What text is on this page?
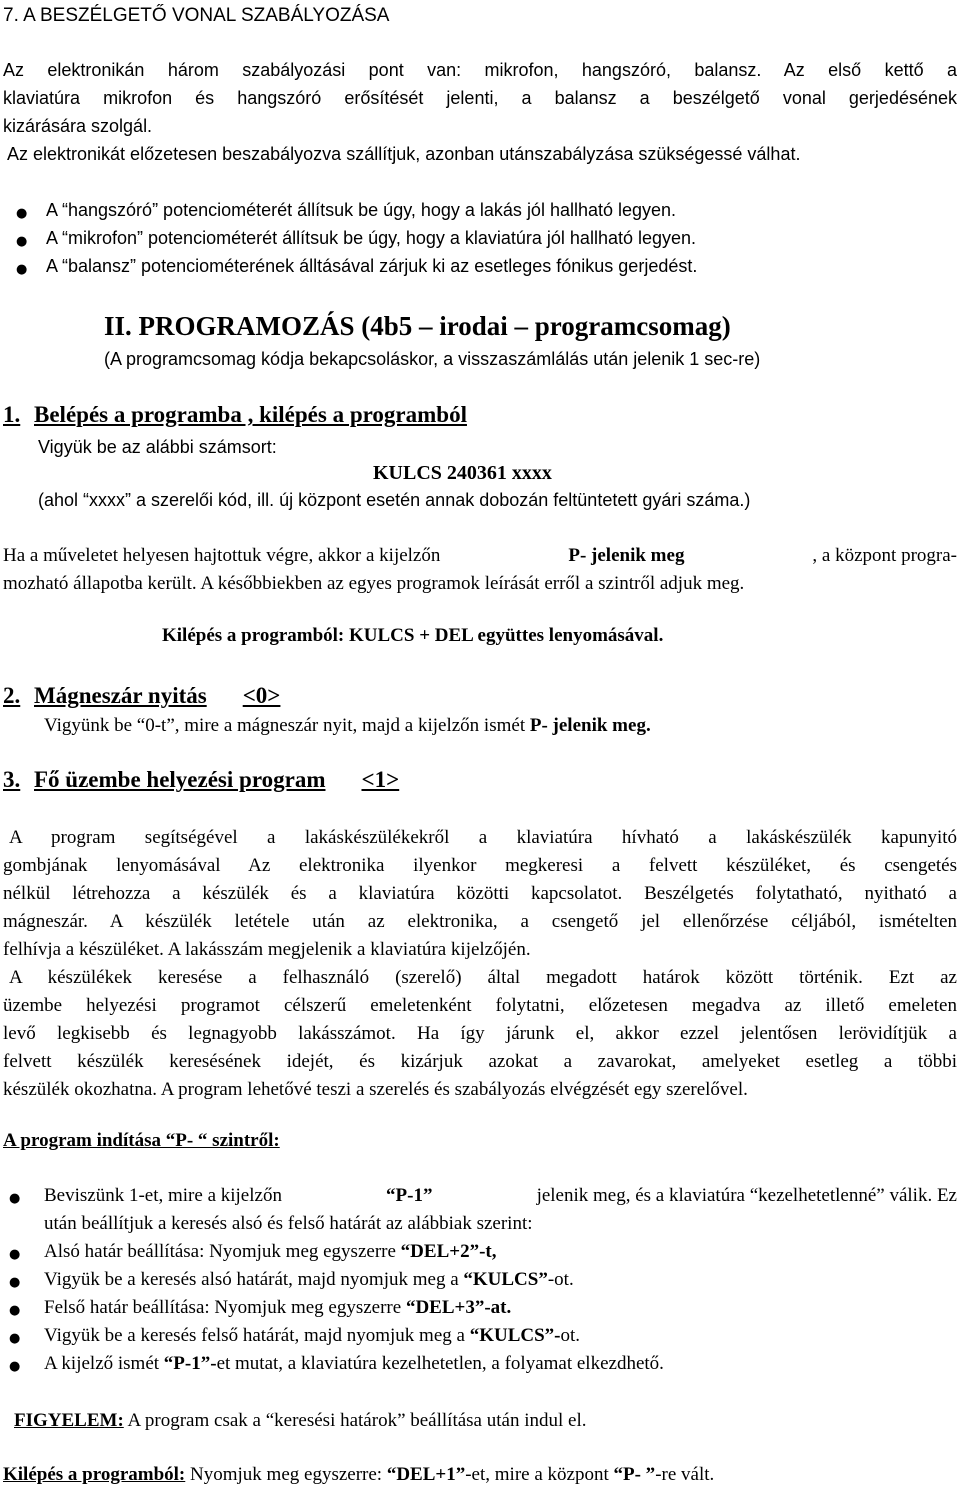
7. A BESZÉLGETŐ VONAL SZABÁLYOZÁSA
Az elektronikán három szabályozási pont van: mikrofon, hangszóró, balansz. Az első kettő a
klaviatúra mikrofon és hangszóró erősítését jelenti, a balansz a beszélgető vonal gerjedésének
kizárására szolgál.
Az elektronikát előzetesen beszabályozva szállítjuk, azonban utánszabályzása szükségessé válhat.
● A “hangszóró” potenciométerét állítsuk be úgy, hogy a lakás jól hallható legyen.
● A “mikrofon” potenciométerét állítsuk be úgy, hogy a klaviatúra jól hallható legyen.
● A “balansz” potenciométerének álltásával zárjuk ki az esetleges fónikus gerjedést.
II. PROGRAMOZÁS (4b5 – irodai – programcsomag)
(A programcsomag kódja bekapcsoláskor, a visszaszámlálás után jelenik 1 sec-re)
1. Belépés a programba , kilépés a programból
Vigyük be az alábbi számsort:
KULCS 240361 xxxx
(ahol “xxxx” a szerelői kód, ill. új központ esetén annak dobozán feltüntetett gyári száma.)
Ha a műveletet helyesen hajtottuk végre, akkor a kijelzőn	P- jelenik meg	, a központ progra-
mozható állapotba került. A későbbiekben az egyes programok leírását erről a szintről adjuk meg.
Kilépés a programból: KULCS + DEL együttes lenyomásával.
2. Mágneszár nyitás <0>
Vigyünk be “0-t”, mire a mágneszár nyit, majd a kijelzőn ismét P- jelenik meg.
3. Fő üzembe helyezési program <1>
A program segítségével a lakáskészülékekről a klaviatúra hívható a lakáskészülék kapunyitó
gombjának lenyomásával Az elektronika ilyenkor megkeresi a felvett készüléket, és csengetés
nélkül létrehozza a készülék és a klaviatúra közötti kapcsolatot. Beszélgetés folytatható, nyitható a
mágneszár. A készülék letétele után az elektronika, a csengető jel ellenőrzése céljából, ismételten
felhívja a készüléket. A lakásszám megjelenik a klaviatúra kijelzőjén.
A készülékek keresése a felhasználó (szerelő) által megadott határok között történik. Ezt az
üzembe helyezési programot célszerű emeletenként folytatni, előzetesen megadva az illető emeleten
levő legkisebb és legnagyobb lakásszámot. Ha így járunk el, akkor ezzel jelentősen lerövidítjük a
felvett készülék keresésének idejét, és kizárjuk azokat a zavarokat, amelyeket esetleg a többi
készülék okozhatna. A program lehetővé teszi a szerelés és szabályozás elvégzését egy szerelővel.
A program indítása “P- “ szintről:
● Beviszünk 1-et, mire a kijelzőn	“P-1”	jelenik meg, és a klaviatúra “kezelhetetlenné” válik. Ez
után beállítjuk a keresés alsó és felső határát az alábbiak szerint:
● Alsó határ beállítása: Nyomjuk meg egyszerre “DEL+2”-t,
● Vigyük be a keresés alsó határát, majd nyomjuk meg a “KULCS”-ot.
● Felső határ beállítása: Nyomjuk meg egyszerre “DEL+3”-at.
● Vigyük be a keresés felső határát, majd nyomjuk meg a “KULCS”-ot.
● A kijelző ismét “P-1”-et mutat, a klaviatúra kezelhetetlen, a folyamat elkezdhető.
FIGYELEM: A program csak a “keresési határok” beállítása után indul el.
Kilépés a programból: Nyomjuk meg egyszerre: “DEL+1”-et, mire a központ “P- ”-re vált.
